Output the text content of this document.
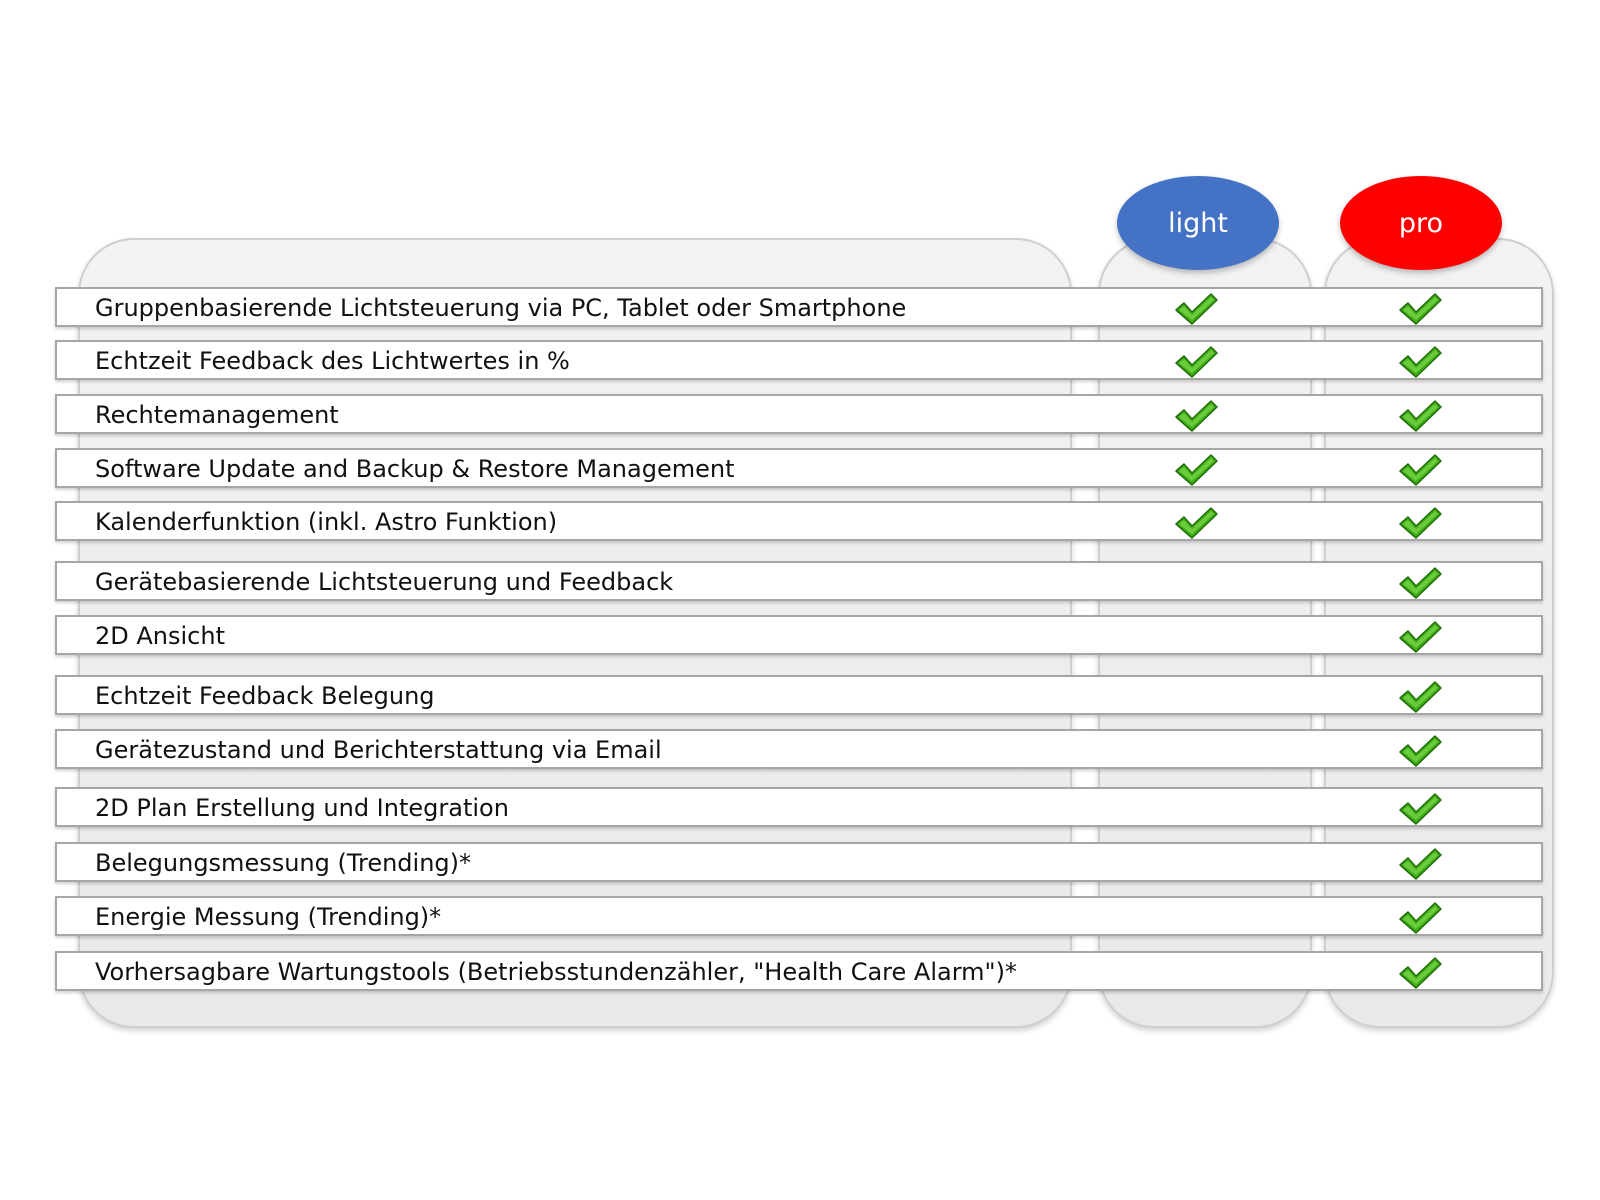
light	pro
Gruppenbasierende Lichtsteuerung via PC, Tablet oder Smartphone
Echtzeit Feedback des Lichtwertes in %
Rechtemanagement
Software Update and Backup & Restore Management
Kalenderfunktion (inkl. Astro Funktion)
Gerätebasierende Lichtsteuerung und Feedback
2D Ansicht
Echtzeit Feedback Belegung
Gerätezustand und Berichterstattung via Email
2D Plan Erstellung und Integration
Belegungsmessung (Trending)*
Energie Messung (Trending)*
Vorhersagbare Wartungstools (Betriebsstundenzähler, "Health Care Alarm")*
